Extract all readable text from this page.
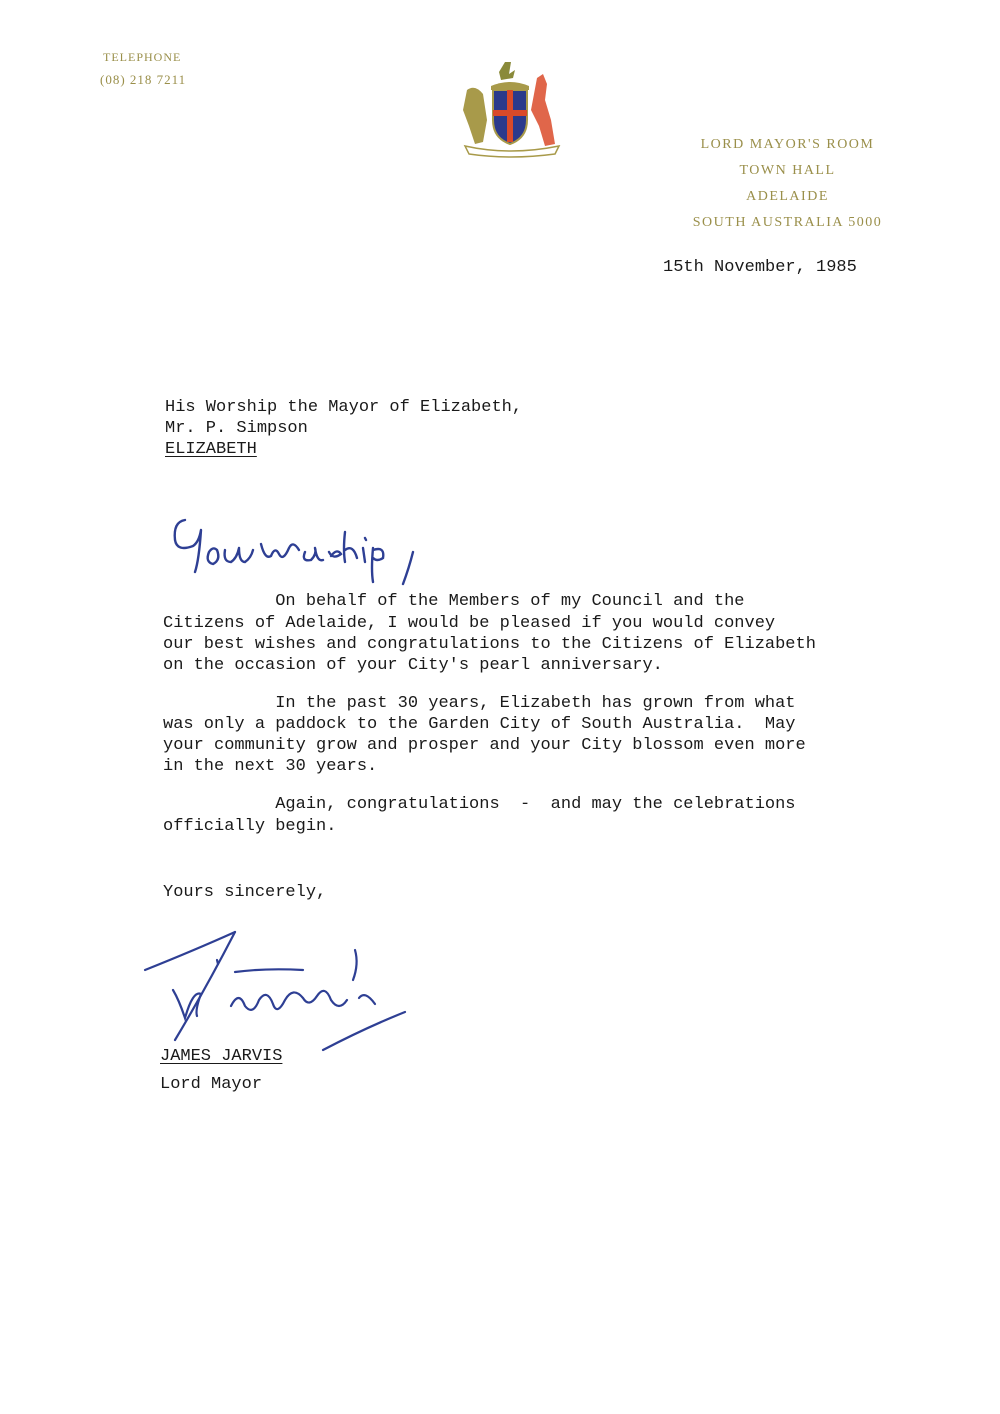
TELEPHONE
(08) 218 7211
LORD MAYOR'S ROOM
TOWN HALL
ADELAIDE
SOUTH AUSTRALIA 5000
15th November, 1985
His Worship the Mayor of Elizabeth,
Mr. P. Simpson
ELIZABETH
On behalf of the Members of my Council and the
Citizens of Adelaide, I would be pleased if you would convey
our best wishes and congratulations to the Citizens of Elizabeth
on the occasion of your City's pearl anniversary.
In the past 30 years, Elizabeth has grown from what
was only a paddock to the Garden City of South Australia.  May
your community grow and prosper and your City blossom even more
in the next 30 years.
Again, congratulations  -  and may the celebrations
officially begin.
Yours sincerely,
JAMES JARVIS
Lord Mayor
